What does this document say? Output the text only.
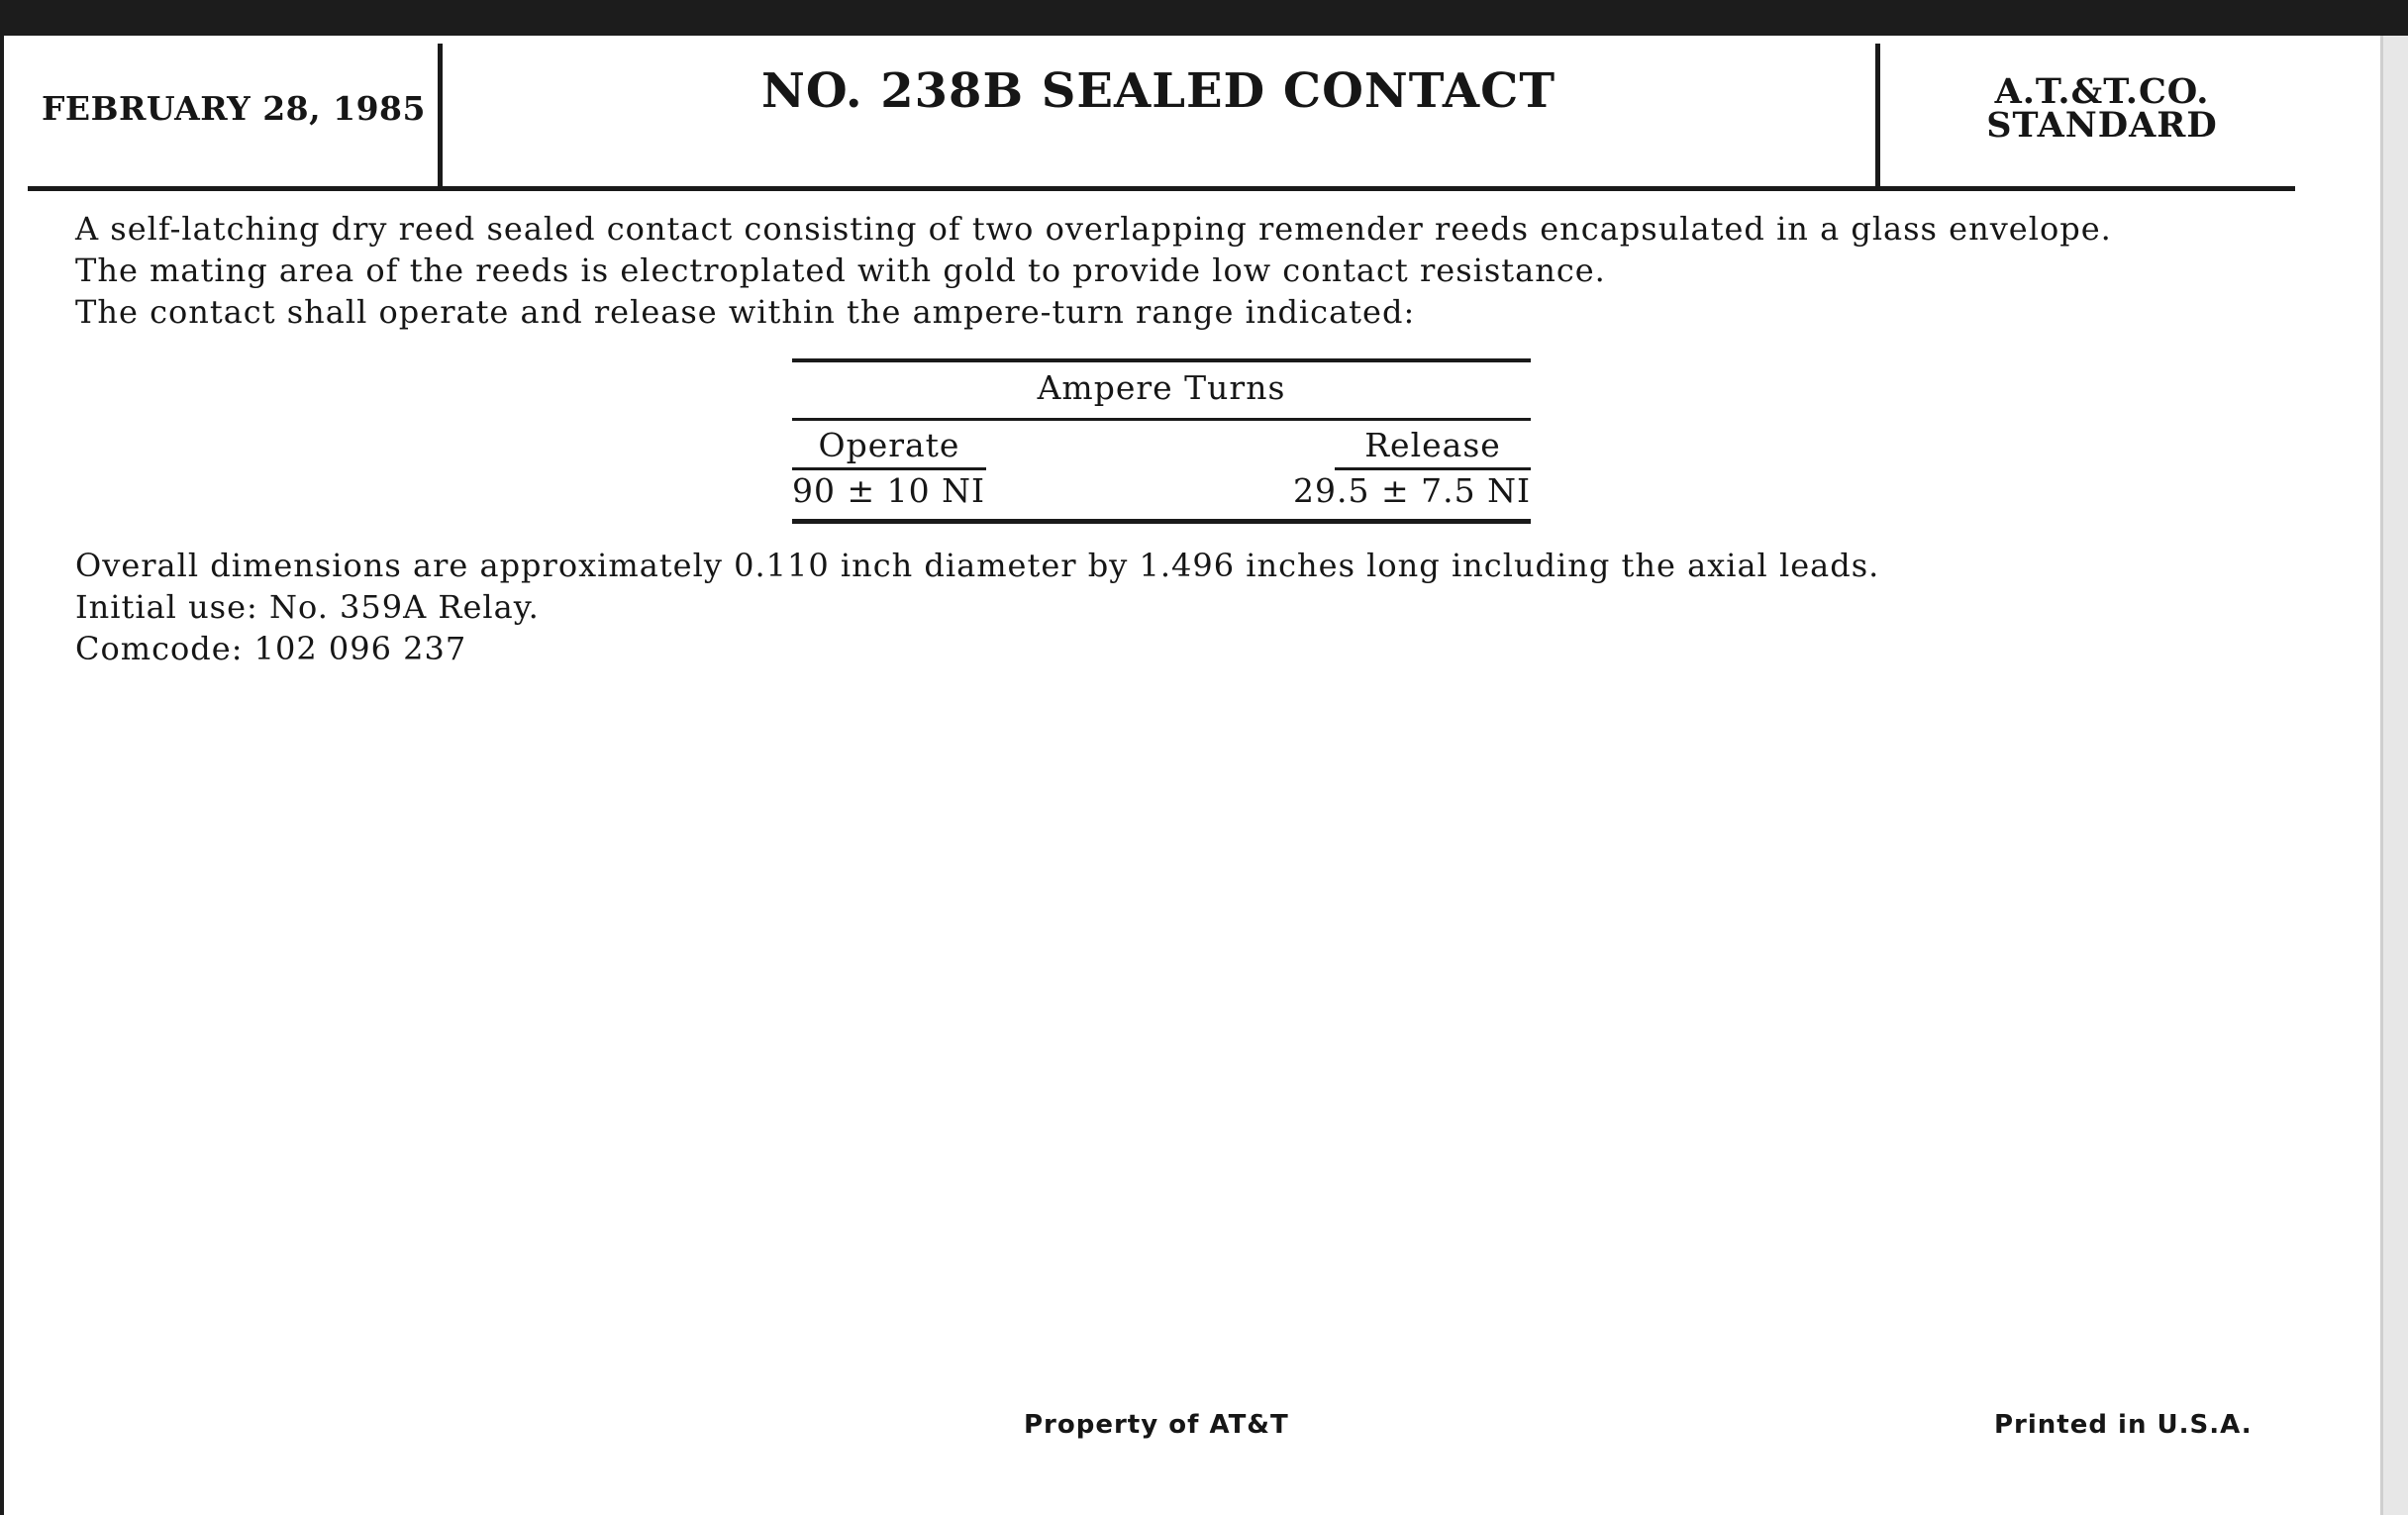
FEBRUARY 28, 1985	NO. 238B SEALED CONTACT	A.T.&T.CO.
STANDARD
A self-latching dry reed sealed contact consisting of two overlapping remender reeds encapsulated in a glass envelope.
The mating area of the reeds is electroplated with gold to provide low contact resistance.
The contact shall operate and release within the ampere-turn range indicated:
Ampere Turns
Operate	Release
90 ± 10 NI	29.5 ± 7.5 NI
Overall dimensions are approximately 0.110 inch diameter by 1.496 inches long including the axial leads.
Initial use: No. 359A Relay.
Comcode: 102 096 237
Property of AT&T	Printed in U.S.A.
